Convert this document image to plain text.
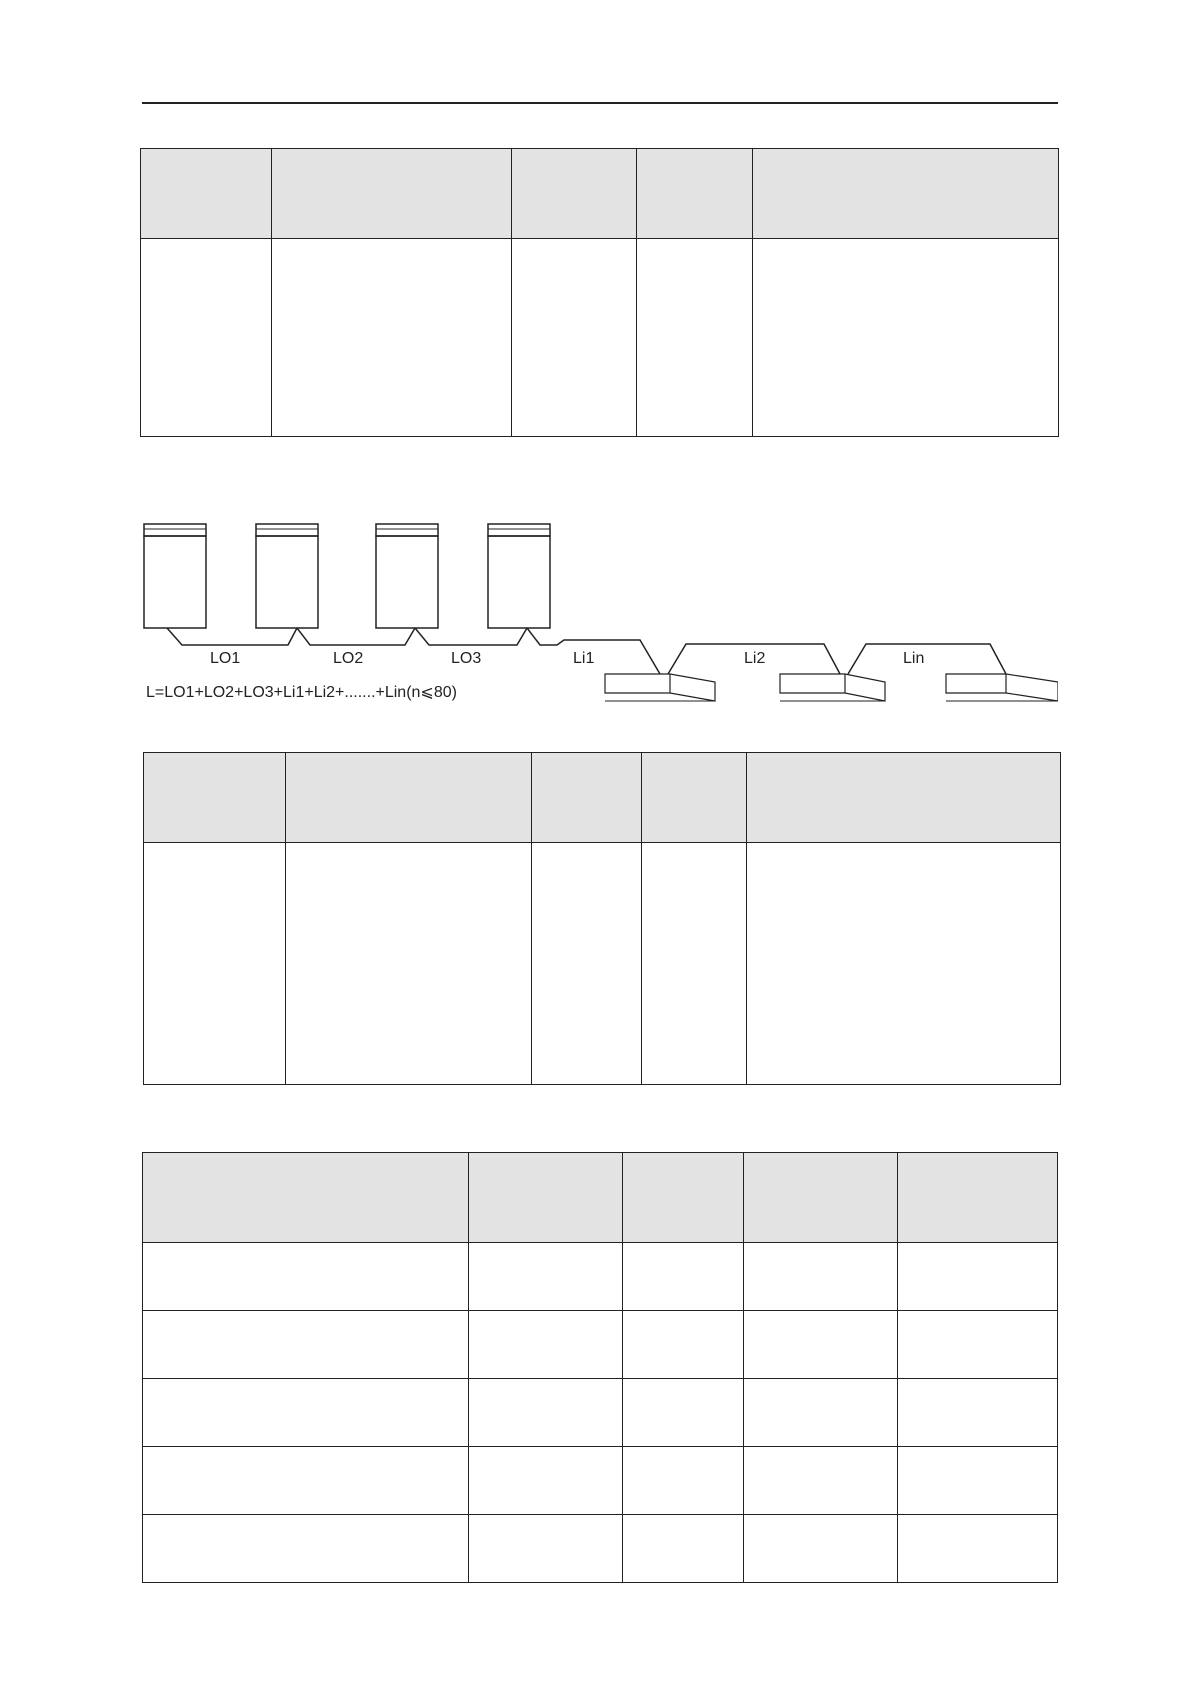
LO1	LO2	LO3	Li1	Li2	Lin
L=LO1+LO2+LO3+Li1+Li2+.......+Lin(n⩽80)
